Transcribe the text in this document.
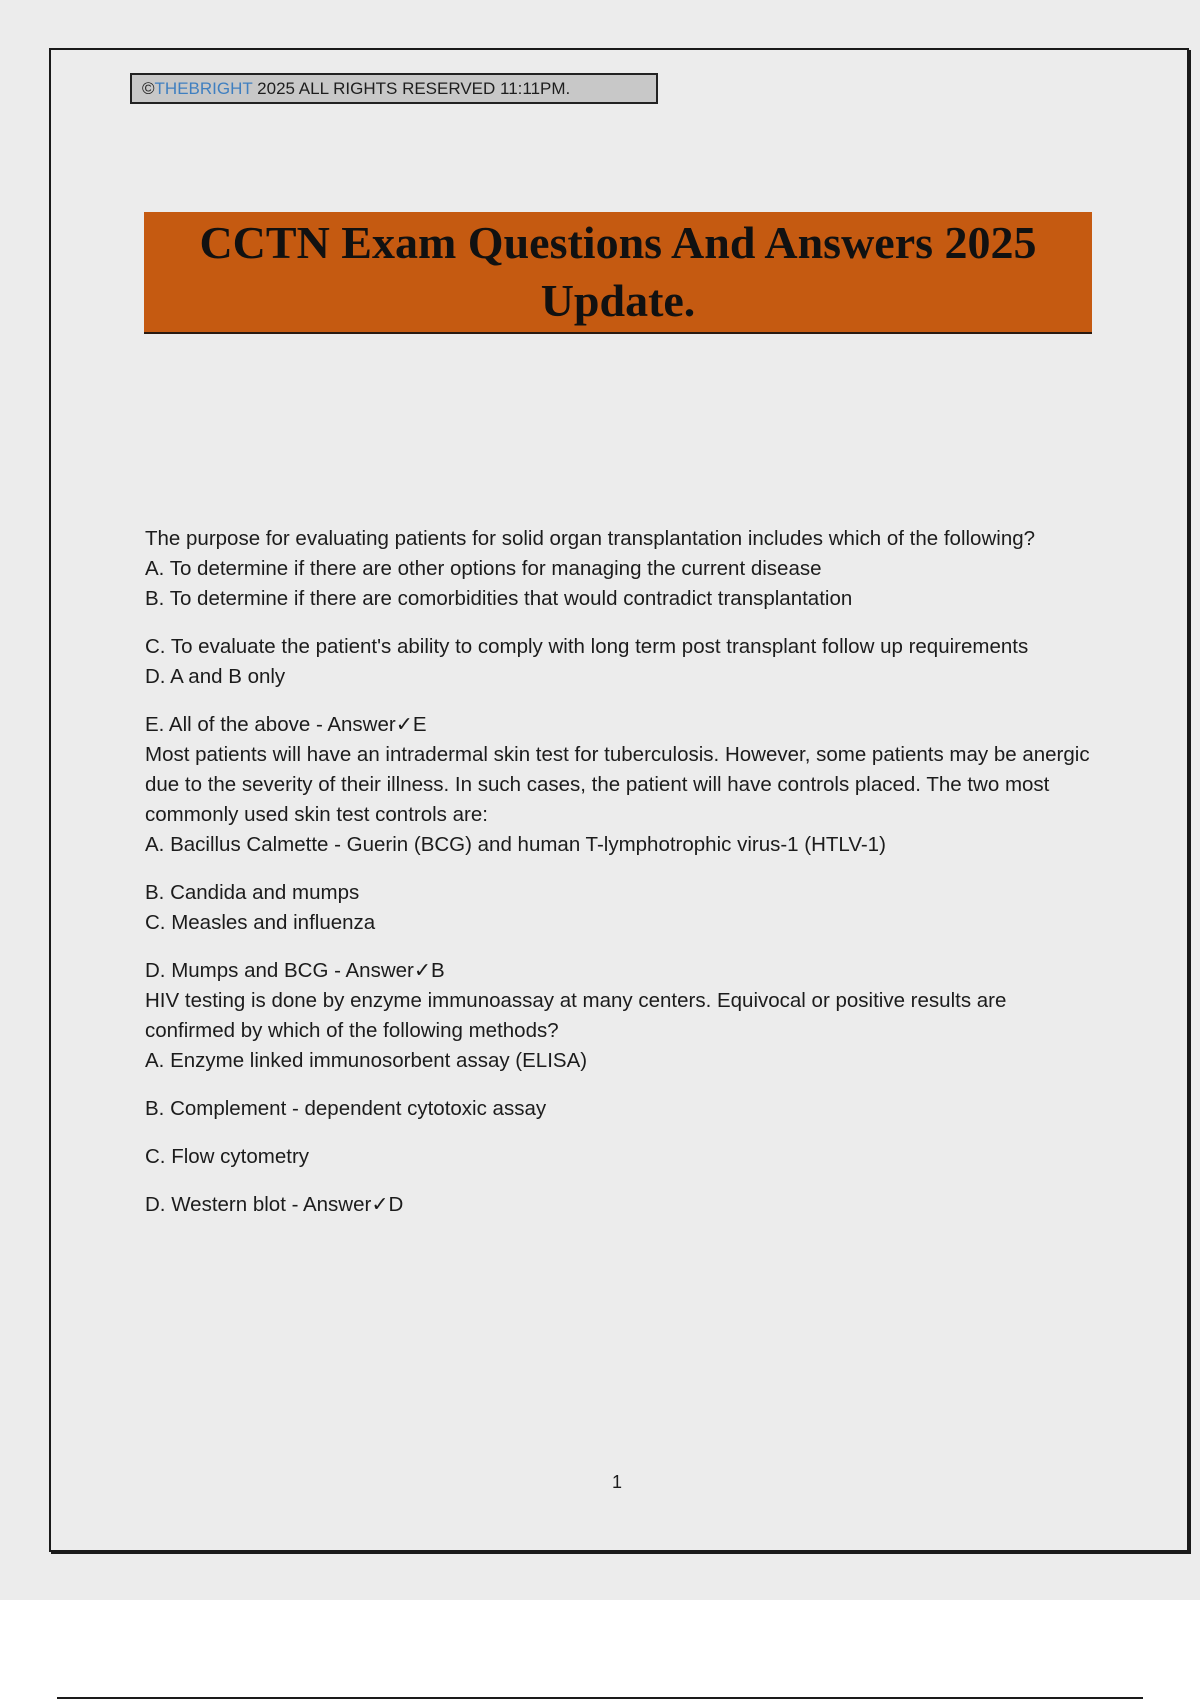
©THEBRIGHT 2025 ALL RIGHTS RESERVED 11:11PM.
CCTN Exam Questions And Answers 2025 Update.

The purpose for evaluating patients for solid organ transplantation includes which of the following?

A. To determine if there are other options for managing the current disease

B. To determine if there are comorbidities that would contradict transplantation

C. To evaluate the patient's ability to comply with long term post transplant follow up requirements

D. A and B only

E. All of the above - Answer✓E

Most patients will have an intradermal skin test for tuberculosis. However, some patients may be anergic due to the severity of their illness. In such cases, the patient will have controls placed. The two most commonly used skin test controls are:

A. Bacillus Calmette - Guerin (BCG) and human T-lymphotrophic virus-1 (HTLV-1)

B. Candida and mumps

C. Measles and influenza

D. Mumps and BCG - Answer✓B

HIV testing is done by enzyme immunoassay at many centers. Equivocal or positive results are confirmed by which of the following methods?

A. Enzyme linked immunosorbent assay (ELISA)

B. Complement - dependent cytotoxic assay

C. Flow cytometry

D. Western blot - Answer✓D

1
